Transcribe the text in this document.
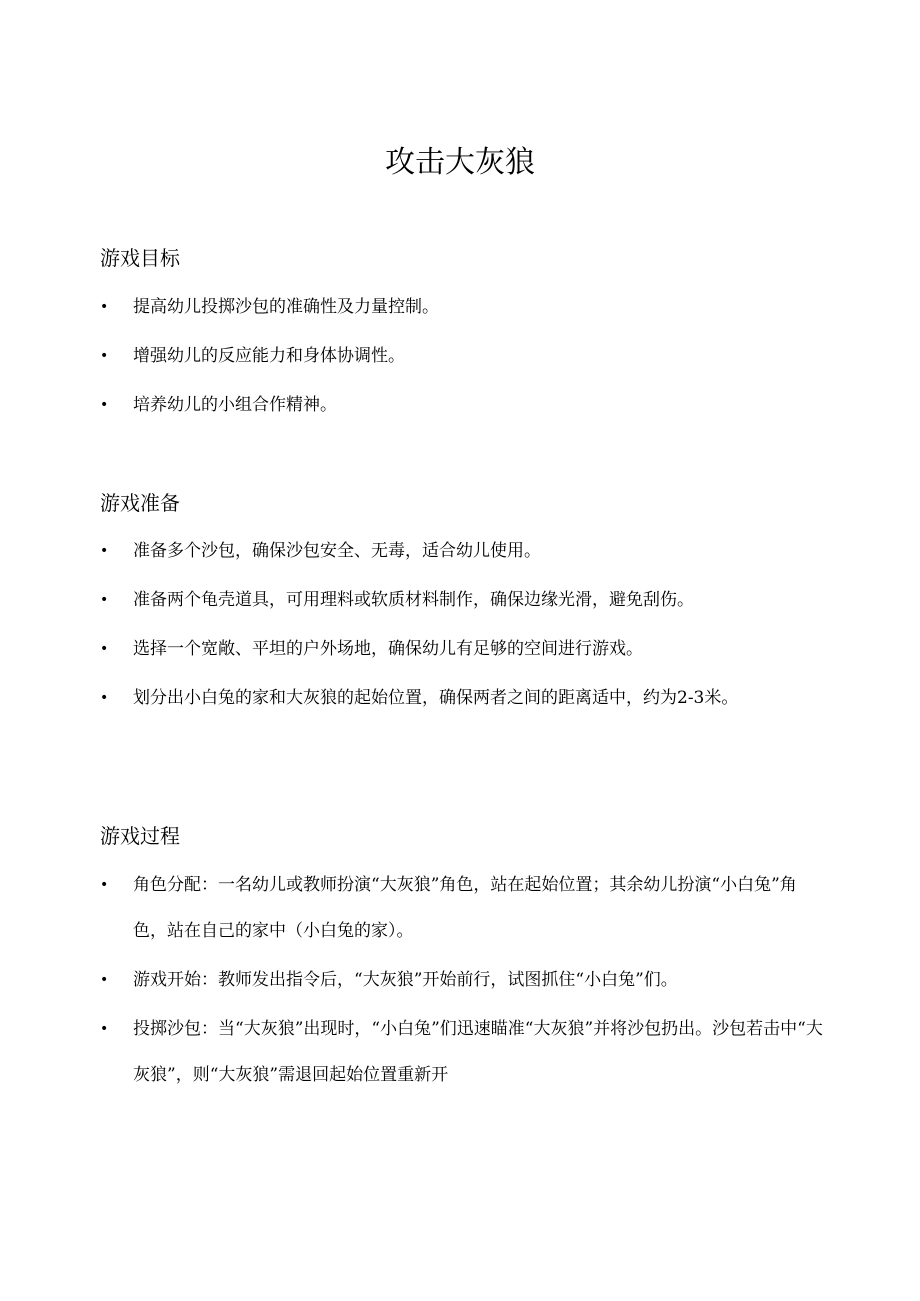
攻击大灰狼
游戏目标
• 提高幼儿投掷沙包的准确性及力量控制。
• 增强幼儿的反应能力和身体协调性。
• 培养幼儿的小组合作精神。
游戏准备
• 准备多个沙包，确保沙包安全、无毒，适合幼儿使用。
• 准备两个龟壳道具，可用理料或软质材料制作，确保边缘光滑，避免刮伤。
• 选择一个宽敞、平坦的户外场地，确保幼儿有足够的空间进行游戏。
• 划分出小白兔的家和大灰狼的起始位置，确保两者之间的距离适中，约为2-3米。
游戏过程
• 角色分配：一名幼儿或教师扮演“大灰狼”角色，站在起始位置；其余幼儿扮演“小白兔”角色，站在自己的家中（小白兔的家）。
• 游戏开始：教师发出指令后，“大灰狼”开始前行，试图抓住“小白兔”们。
• 投掷沙包：当“大灰狼”出现时，“小白兔”们迅速瞄准“大灰狼”并将沙包扔出。沙包若击中“大灰狼”，则“大灰狼”需退回起始位置重新开
